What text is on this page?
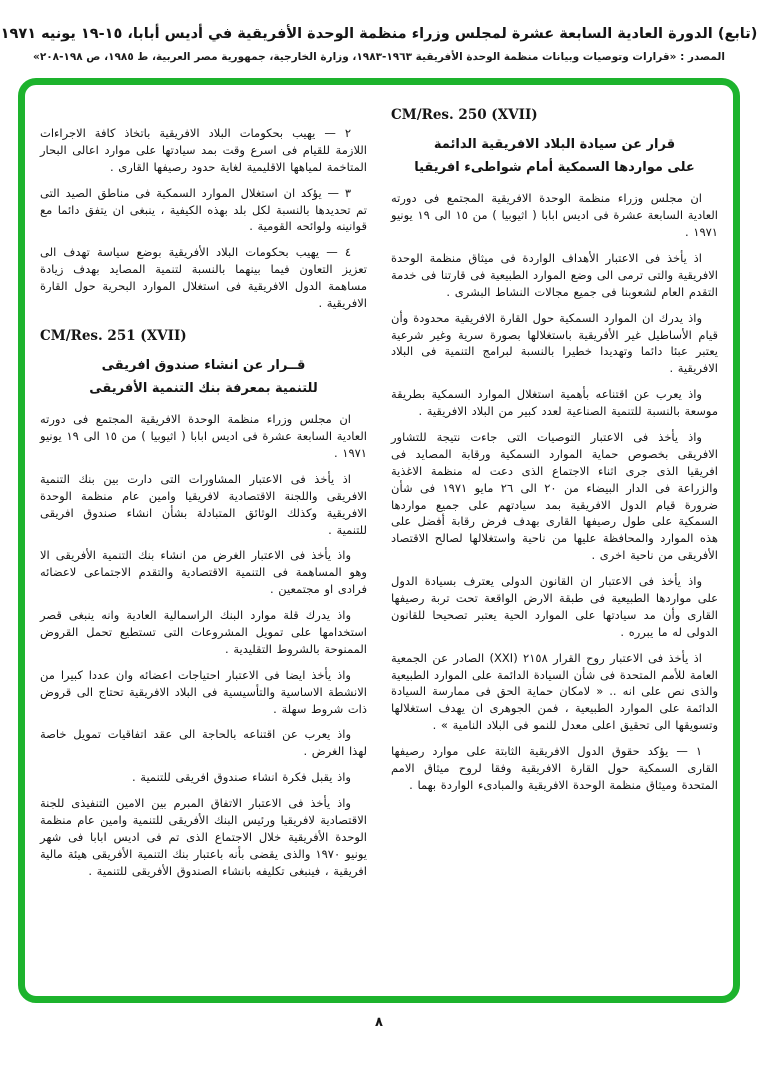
(تابع) الدورة العادية السابعة عشرة لمجلس وزراء منظمة الوحدة الأفريقية في أديس أبابا، ١٥-١٩ يونيه ١٩٧١
المصدر : «قرارات وتوصيات وبيانات منظمة الوحدة الأفريقية ١٩٦٣-١٩٨٣، وزارة الخارجية، جمهورية مصر العربية، ط ١٩٨٥، ص ١٩٨-٢٠٨»
CM/Res. 250 (XVII)
قرار عن سيادة البلاد الافريقية الدائمة
على مواردها السمكية أمام شواطىء افريقيا

ان مجلس وزراء منظمة الوحدة الافريقية المجتمع فى دورته العادية السابعة عشرة فى اديس ابابا ( اثيوبيا ) من ١٥ الى ١٩ يونيو ١٩٧١ .

اذ يأخذ فى الاعتبار الأهداف الواردة فى ميثاق منظمة الوحدة الافريقية والتى ترمى الى وضع الموارد الطبيعية فى قارتنا فى خدمة التقدم العام لشعوبنا فى جميع مجالات النشاط البشرى .

واذ يدرك ان الموارد السمكية حول القارة الافريقية محدودة وأن قيام الأساطيل غير الأفريقية باستغلالها بصورة سرية وغير شرعية يعتبر عبئا دائما وتهديدا خطيرا بالنسبة لبرامج التنمية فى البلاد الافريقية .

واذ يعرب عن اقتناعه بأهمية استغلال الموارد السمكية بطريقة موسعة بالنسبة للتنمية الصناعية لعدد كبير من البلاد الافريقية .

واذ يأخذ فى الاعتبار التوصيات التى جاءت نتيجة للتشاور الافريقى بخصوص حماية الموارد السمكية ورقابة المصايد فى افريقيا الذى جرى اثناء الاجتماع الذى دعت له منظمة الاغذية والزراعة فى الدار البيضاء من ٢٠ الى ٢٦ مايو ١٩٧١ فى شأن ضرورة قيام الدول الافريقية بمد سيادتهم على جميع مواردها السمكية على طول رصيفها القارى بهدف فرض رقابة أفضل على هذه الموارد والمحافظة عليها من ناحية واستغلالها لصالح الاقتصاد الأفريقى من ناحية اخرى .

واذ يأخذ فى الاعتبار ان القانون الدولى يعترف بسيادة الدول على مواردها الطبيعية فى طبقة الارض الواقعة تحت تربة رصيفها القارى وأن مد سيادتها على الموارد الحية يعتبر تصحيحا للقانون الدولى له ما يبرره .

اذ يأخذ فى الاعتبار روح القرار ٢١٥٨ (XXI) الصادر عن الجمعية العامة للأمم المتحدة فى شأن السيادة الدائمة على الموارد الطبيعية والذى نص على انه .. « لامكان حماية الحق فى ممارسة السيادة الدائمة على الموارد الطبيعية ، فمن الجوهرى ان يهدف استغلالها وتسويقها الى تحقيق اعلى معدل للنمو فى البلاد النامية » .

١ — يؤكد حقوق الدول الافريقية الثابتة على موارد رصيفها القارى السمكية حول القارة الافريقية وفقا لروح ميثاق الامم المتحدة وميثاق منظمة الوحدة الافريقية والمبادىء الواردة بهما .

٢ — يهيب بحكومات البلاد الافريقية باتخاذ كافة الاجراءات اللازمة للقيام فى اسرع وقت بمد سيادتها على موارد اعالى البحار المتاخمة لمياهها الاقليمية لغاية حدود رصيفها القارى .

٣ — يؤكد ان استغلال الموارد السمكية فى مناطق الصيد التى تم تحديدها بالنسبة لكل بلد بهذه الكيفية ، ينبغى ان يتفق دائما مع قوانينه ولوائحه القومية .

٤ — يهيب بحكومات البلاد الأفريقية بوضع سياسة تهدف الى تعزيز التعاون فيما بينهما بالنسبة لتنمية المصايد بهدف زيادة مساهمة الدول الافريقية فى استغلال الموارد البحرية حول القارة الافريقية .

CM/Res. 251 (XVII)
قــرار عن انشاء صندوق افريقى
للتنمية بمعرفة بنك التنمية الأفريقى

ان مجلس وزراء منظمة الوحدة الافريقية المجتمع فى دورته العادية السابعة عشرة فى اديس ابابا ( اثيوبيا ) من ١٥ الى ١٩ يونيو ١٩٧١ .

اذ يأخذ فى الاعتبار المشاورات التى دارت بين بنك التنمية الافريقى واللجنة الاقتصادية لافريقيا وامين عام منظمة الوحدة الافريقية وكذلك الوثائق المتبادلة بشأن انشاء صندوق افريقى للتنمية .

واذ يأخذ فى الاعتبار الغرض من انشاء بنك التنمية الأفريقى الا وهو المساهمة فى التنمية الاقتصادية والتقدم الاجتماعى لاعضائه فرادى او مجتمعين .

واذ يدرك قلة موارد البنك الراسمالية العادية وانه ينبغى قصر استخدامها على تمويل المشروعات التى تستطيع تحمل القروض الممنوحة بالشروط التقليدية .

واذ يأخذ ايضا فى الاعتبار احتياجات اعضائه وان عددا كبيرا من الانشطة الاساسية والتأسيسية فى البلاد الافريقية تحتاج الى قروض ذات شروط سهلة .

واذ يعرب عن اقتناعه بالحاجة الى عقد اتفاقيات تمويل خاصة لهذا الغرض .

واذ يقبل فكرة انشاء صندوق افريقى للتنمية .

واذ يأخذ فى الاعتبار الاتفاق المبرم بين الامين التنفيذى للجنة الاقتصادية لافريقيا ورئيس البنك الأفريقى للتنمية وامين عام منظمة الوحدة الأفريقية خلال الاجتماع الذى تم فى اديس ابابا فى شهر يونيو ١٩٧٠ والذى يقضى بأنه باعتبار بنك التنمية الأفريقى هيئة مالية افريقية ، فينبغى تكليفه بانشاء الصندوق الأفريقى للتنمية .

٨
